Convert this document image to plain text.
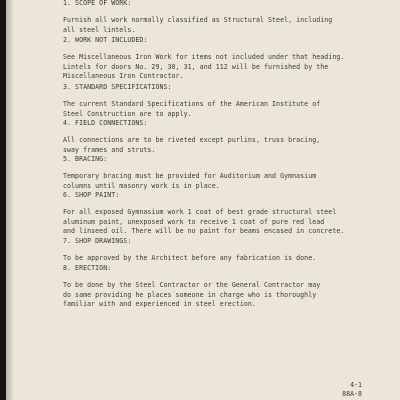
1. SCOPE OF WORK:
Furnish all work normally classified as Structural Steel, including
all steel lintels.
2. WORK NOT INCLUDED:
See Miscellaneous Iron Work for items not included under that heading.
Lintels for doors No. 29, 30, 31, and 112 will be furnished by the
Miscellaneous Iron Contractor.
3. STANDARD SPECIFICATIONS:
The current Standard Specifications of the American Institute of
Steel Construction are to apply.
4. FIELD CONNECTIONS:
All connections are to be riveted except purlins, truss bracing,
sway frames and struts.
5. BRACING:
Temporary bracing must be provided for Auditorium and Gymnasium
columns until masonry work is in place.
6. SHOP PAINT:
For all exposed Gymnasium work 1 coat of best grade structural steel
aluminum paint, unexposed work to receive 1 coat of pure red lead
and linseed oil. There will be no paint for beams encased in concrete.
7. SHOP DRAWINGS:
To be approved by the Architect before any fabrication is done.
8. ERECTION:
To be done by the Steel Contractor or the General Contractor may
do same providing he places someone in charge who is thoroughly
familiar with and experienced in steel erection.
4-1
88A-8
